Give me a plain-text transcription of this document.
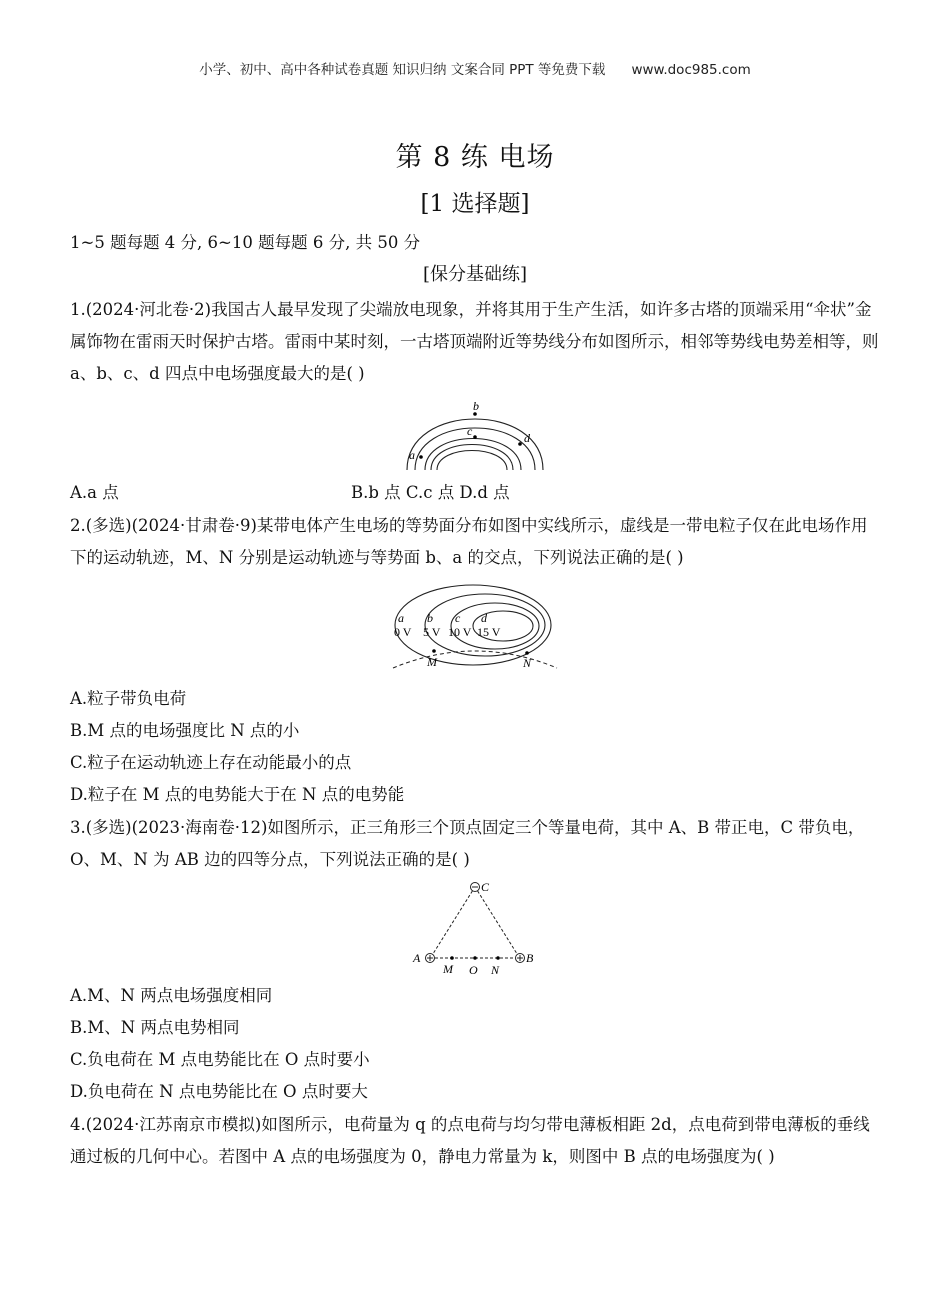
小学、初中、高中各种试卷真题 知识归纳 文案合同 PPT 等免费下载 www.doc985.com
第 8 练 电场
[1 选择题]
1~5 题每题 4 分, 6~10 题每题 6 分, 共 50 分
[保分基础练]
1.(2024·河北卷·2)我国古人最早发现了尖端放电现象，并将其用于生产生活，如许多古塔的顶端采用“伞状”金属饰物在雷雨天时保护古塔。雷雨中某时刻，一古塔顶端附近等势线分布如图所示，相邻等势线电势差相等，则 a、b、c、d 四点中电场强度最大的是( )
a
b
c	d
A.a 点	B.b 点 C.c 点 D.d 点
2.(多选)(2024·甘肃卷·9)某带电体产生电场的等势面分布如图中实线所示，虚线是一带电粒子仅在此电场作用下的运动轨迹，M、N 分别是运动轨迹与等势面 b、a 的交点，下列说法正确的是( )
a b c d
0 V 5 V 10 V 15 V
M	N
A.粒子带负电荷
B.M 点的电场强度比 N 点的小
C.粒子在运动轨迹上存在动能最小的点
D.粒子在 M 点的电势能大于在 N 点的电势能
3.(多选)(2023·海南卷·12)如图所示，正三角形三个顶点固定三个等量电荷，其中 A、B 带正电，C 带负电，O、M、N 为 AB 边的四等分点，下列说法正确的是( )
A	B
C
M O N
A.M、N 两点电场强度相同
B.M、N 两点电势相同
C.负电荷在 M 点电势能比在 O 点时要小
D.负电荷在 N 点电势能比在 O 点时要大
4.(2024·江苏南京市模拟)如图所示，电荷量为 q 的点电荷与均匀带电薄板相距 2d，点电荷到带电薄板的垂线通过板的几何中心。若图中 A 点的电场强度为 0，静电力常量为 k，则图中 B 点的电场强度为( )
